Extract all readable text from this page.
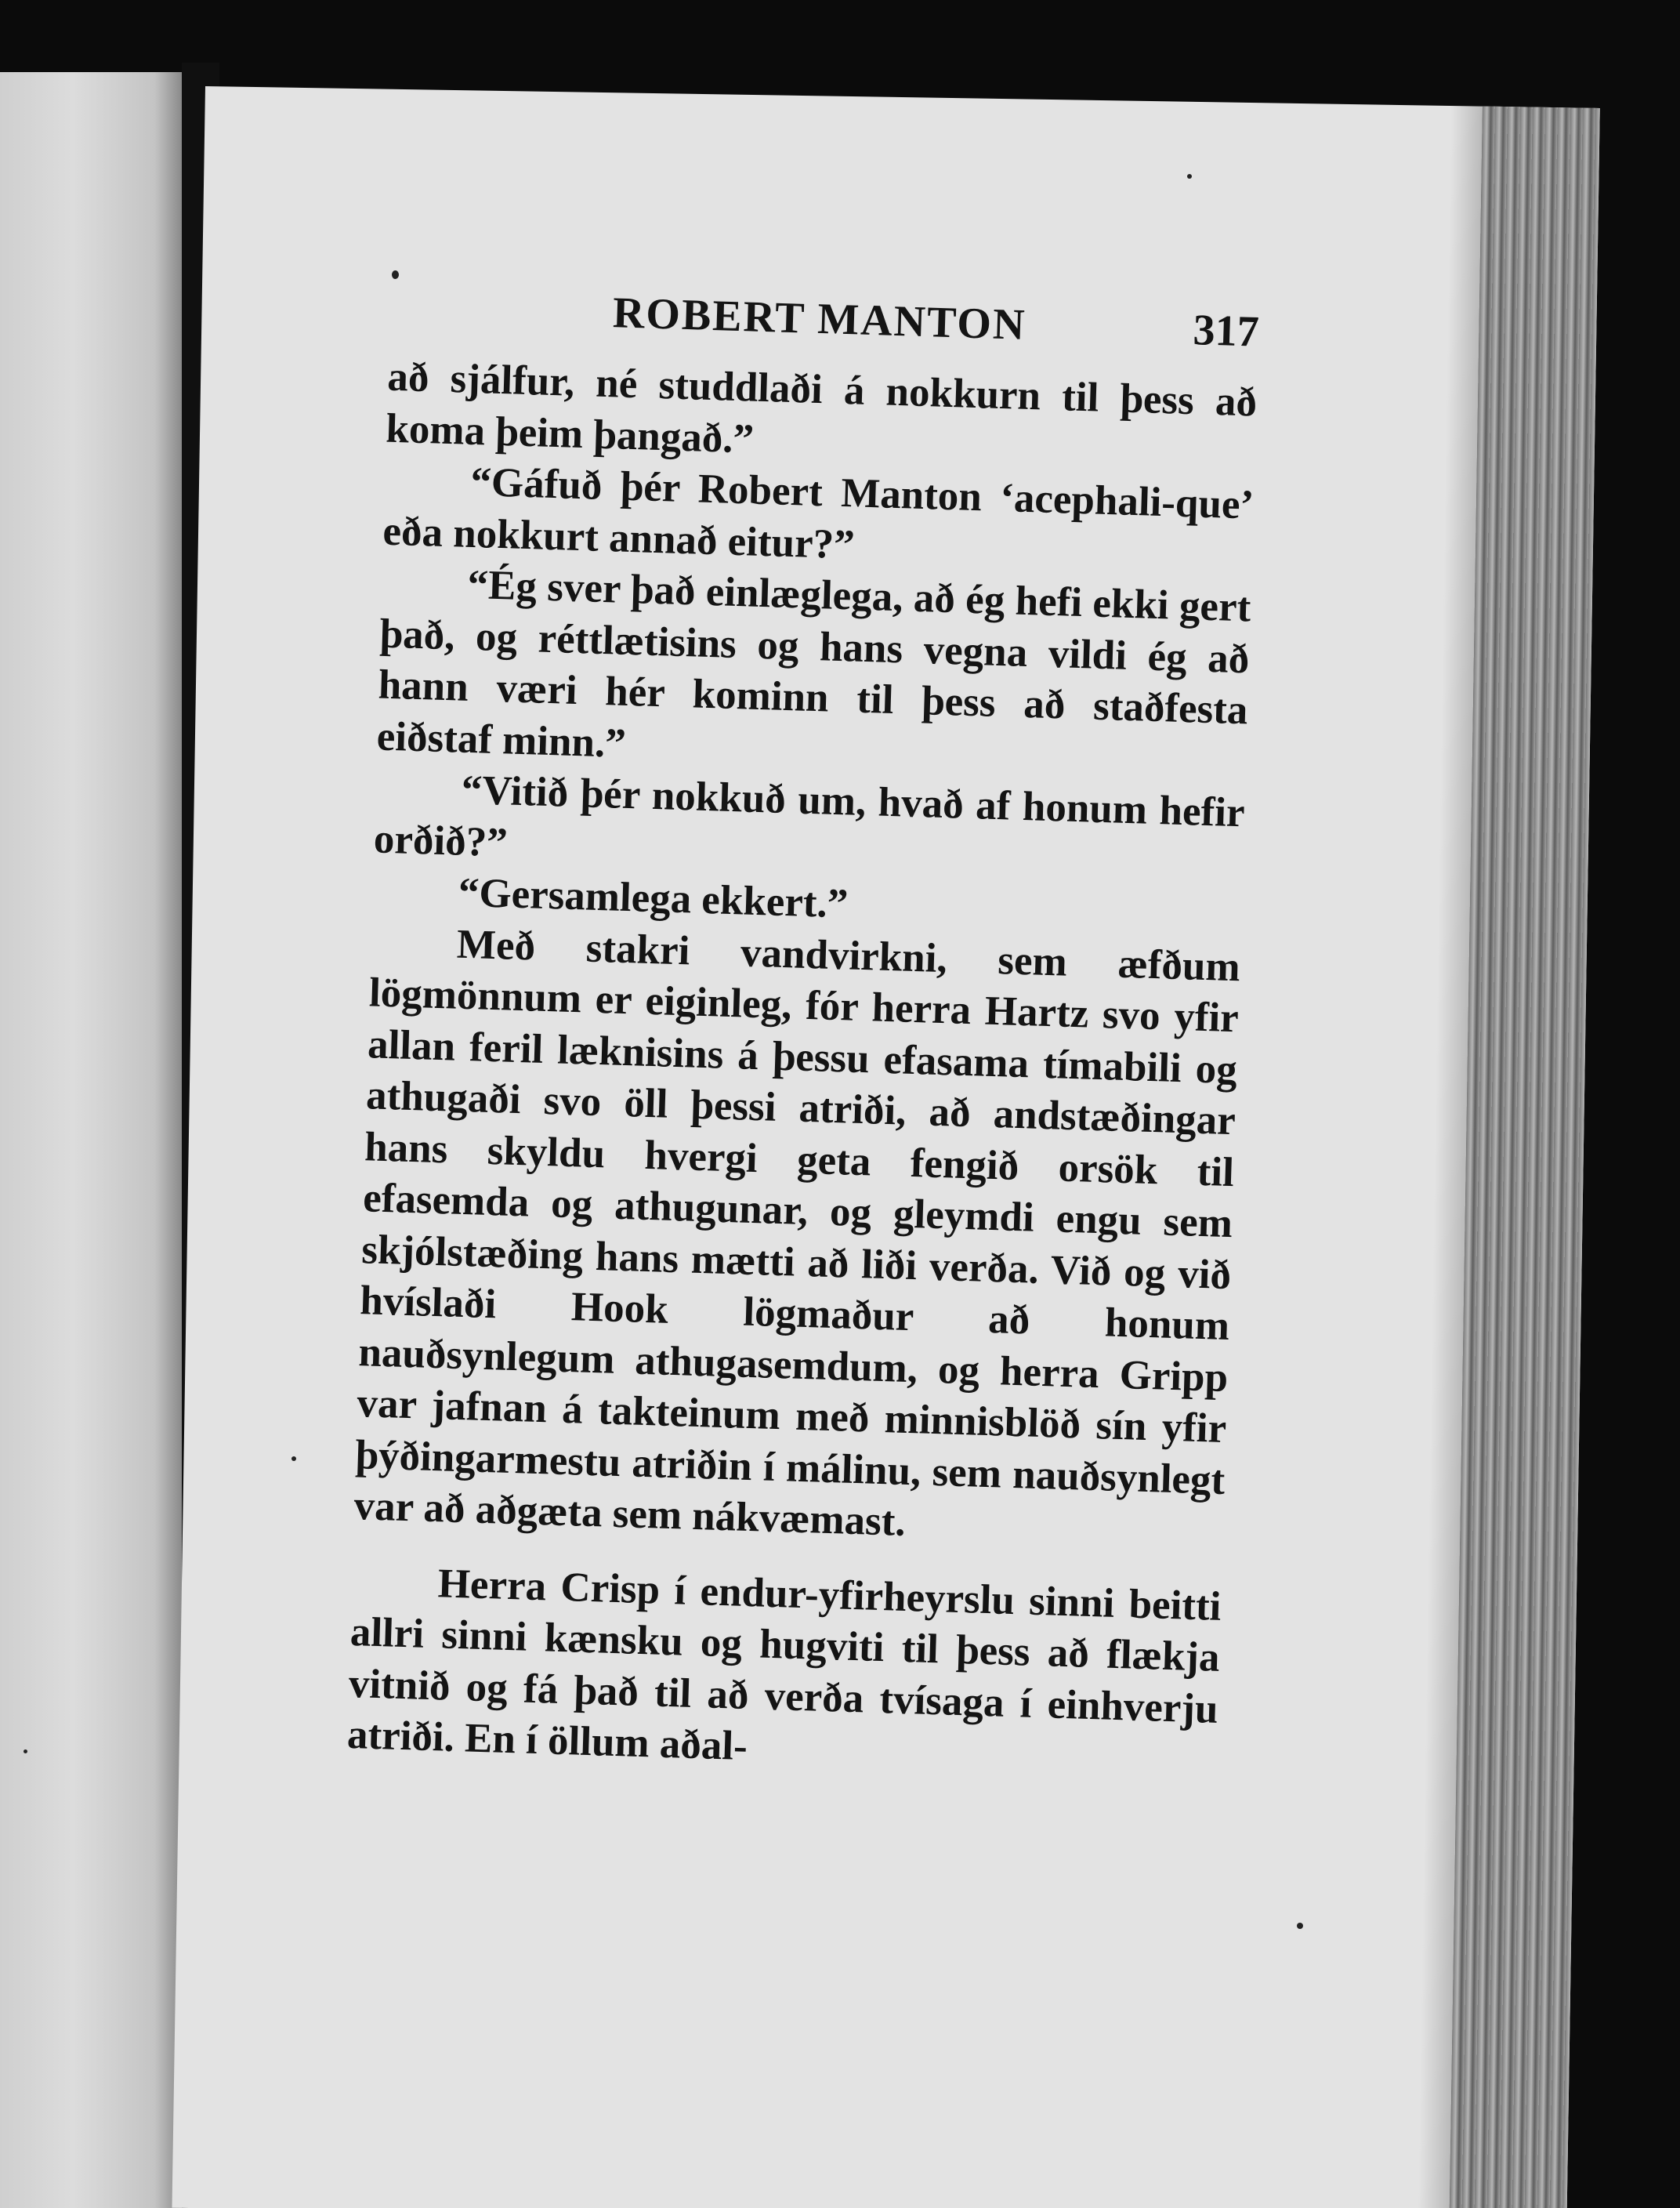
ROBERT MANTON	317

að sjálfur, né studdlaði á nokkurn til þess að koma þeim þangað.”

“Gáfuð þér Robert Manton ‘acephali-que’ eða nokkurt annað eitur?”

“Ég sver það einlæglega, að ég hefi ekki gert það, og réttlætisins og hans vegna vildi ég að hann væri hér kominn til þess að staðfesta eiðstaf minn.”

“Vitið þér nokkuð um, hvað af honum hefir orðið?”

“Gersamlega ekkert.”

Með stakri vandvirkni, sem æfðum lögmönnum er eiginleg, fór herra Hartz svo yfir allan feril læknisins á þessu efasama tímabili og athugaði svo öll þessi atriði, að andstæðingar hans skyldu hvergi geta fengið orsök til efasemda og athugunar, og gleymdi engu sem skjólstæðing hans mætti að liði verða. Við og við hvíslaði Hook lögmaður að honum nauðsynlegum athugasemdum, og herra Gripp var jafnan á takteinum með minnisblöð sín yfir þýðingarmestu atriðin í málinu, sem nauðsynlegt var að aðgæta sem nákvæmast.

Herra Crisp í endur-yfirheyrslu sinni beitti allri sinni kænsku og hugviti til þess að flækja vitnið og fá það til að verða tvísaga í einhverju atriði. En í öllum aðal-
